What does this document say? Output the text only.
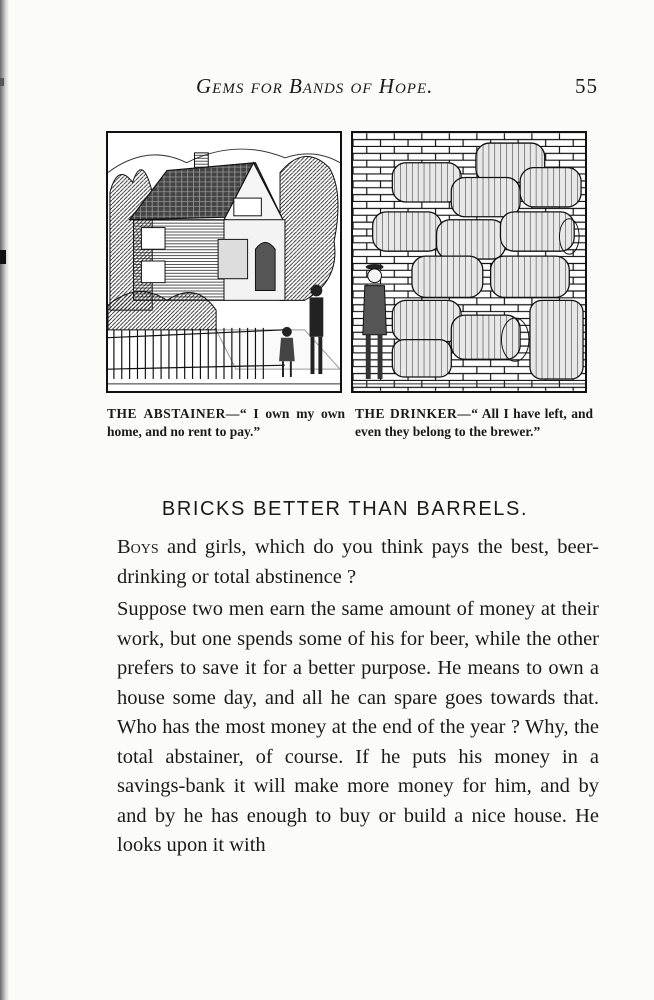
Gems for Bands of Hope.	55
THE ABSTAINER—“ I own my own home, and no rent to pay.”
THE DRINKER—“ All I have left, and even they belong to the brewer.”
BRICKS BETTER THAN BARRELS.

Boys and girls, which do you think pays the best, beer-drinking or total abstinence ?

Suppose two men earn the same amount of money at their work, but one spends some of his for beer, while the other prefers to save it for a better purpose. He means to own a house some day, and all he can spare goes towards that. Who has the most money at the end of the year ? Why, the total abstainer, of course. If he puts his money in a savings-bank it will make more money for him, and by and by he has enough to buy or build a nice house. He looks upon it with
